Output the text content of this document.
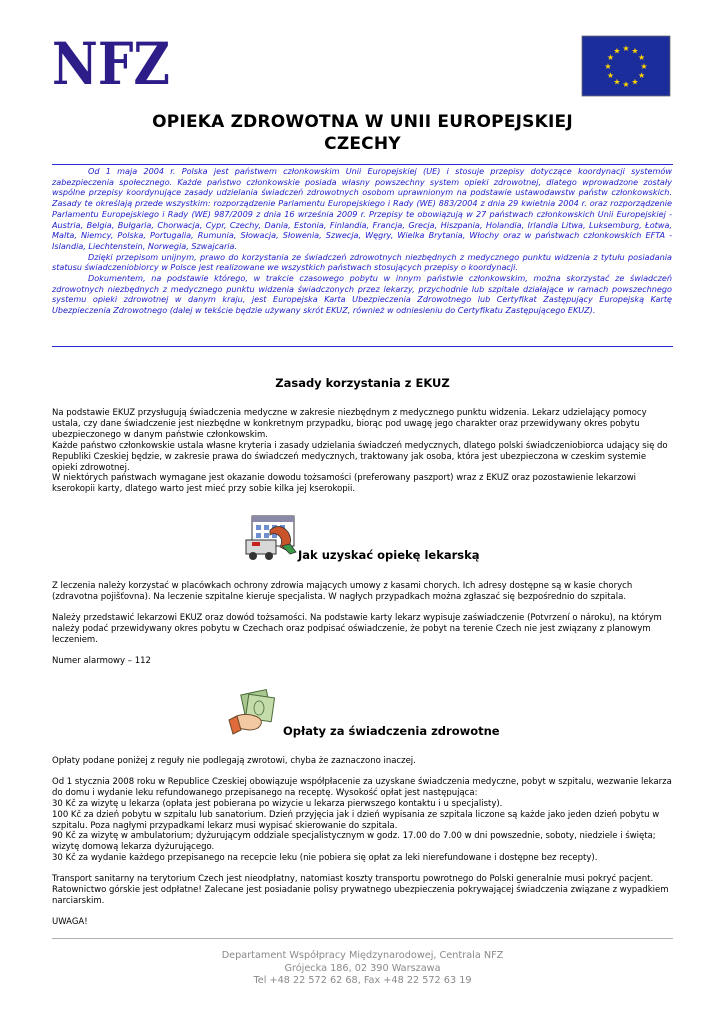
NFZ	★ ★
★
★
★
★
★
★
★
★
★
★
OPIEKA ZDROWOTNA W UNII EUROPEJSKIEJ
CZECHY

Od 1 maja 2004 r. Polska jest państwem członkowskim Unii Europejskiej (UE) i stosuje przepisy dotyczące koordynacji systemów zabezpieczenia społecznego. Każde państwo członkowskie posiada własny powszechny system opieki zdrowotnej, dlatego wprowadzone zostały wspólne przepisy koordynujące zasady udzielania świadczeń zdrowotnych osobom uprawnionym na podstawie ustawodawstw państw członkowskich. Zasady te określają przede wszystkim: rozporządzenie Parlamentu Europejskiego i Rady (WE) 883/2004 z dnia 29 kwietnia 2004 r. oraz rozporządzenie Parlamentu Europejskiego i Rady (WE) 987/2009 z dnia 16 września 2009 r. Przepisy te obowiązują w 27 państwach członkowskich Unii Europejskiej - Austria, Belgia, Bułgaria, Chorwacja, Cypr, Czechy, Dania, Estonia, Finlandia, Francja, Grecja, Hiszpania, Holandia, Irlandia Litwa, Luksemburg, Łotwa, Malta, Niemcy, Polska, Portugalia, Rumunia, Słowacja, Słowenia, Szwecja, Węgry, Wielka Brytania, Włochy oraz w państwach członkowskich EFTA - Islandia, Liechtenstein, Norwegia, Szwajcaria.

Dzięki przepisom unijnym, prawo do korzystania ze świadczeń zdrowotnych niezbędnych z medycznego punktu widzenia z tytułu posiadania statusu świadczeniobiorcy w Polsce jest realizowane we wszystkich państwach stosujących przepisy o koordynacji.

Dokumentem, na podstawie którego, w trakcie czasowego pobytu w innym państwie członkowskim, można skorzystać ze świadczeń zdrowotnych niezbędnych z medycznego punktu widzenia świadczonych przez lekarzy, przychodnie lub szpitale działające w ramach powszechnego systemu opieki zdrowotnej w danym kraju, jest Europejska Karta Ubezpieczenia Zdrowotnego lub Certyfikat Zastępujący Europejską Kartę Ubezpieczenia Zdrowotnego (dalej w tekście będzie używany skrót EKUZ, również w odniesieniu do Certyfikatu Zastępującego EKUZ).

Zasady korzystania z EKUZ

Na podstawie EKUZ przysługują świadczenia medyczne w zakresie niezbędnym z medycznego punktu widzenia. Lekarz udzielający pomocy ustala, czy dane świadczenie jest niezbędne w konkretnym przypadku, biorąc pod uwagę jego charakter oraz przewidywany okres pobytu ubezpieczonego w danym państwie członkowskim.

Każde państwo członkowskie ustala własne kryteria i zasady udzielania świadczeń medycznych, dlatego polski świadczeniobiorca udający się do Republiki Czeskiej będzie, w zakresie prawa do świadczeń medycznych, traktowany jak osoba, która jest ubezpieczona w czeskim systemie opieki zdrowotnej.

W niektórych państwach wymagane jest okazanie dowodu tożsamości (preferowany paszport) wraz z EKUZ oraz pozostawienie lekarzowi kserokopii karty, dlatego warto jest mieć przy sobie kilka jej kserokopii.

Jak uzyskać opiekę lekarską

Z leczenia należy korzystać w placówkach ochrony zdrowia mających umowy z kasami chorych. Ich adresy dostępne są w kasie chorych (zdravotna pojišťovna). Na leczenie szpitalne kieruje specjalista. W nagłych przypadkach można zgłaszać się bezpośrednio do szpitala.

Należy przedstawić lekarzowi EKUZ oraz dowód tożsamości. Na podstawie karty lekarz wypisuje zaświadczenie (Potvrzení o nároku), na którym należy podać przewidywany okres pobytu w Czechach oraz podpisać oświadczenie, że pobyt na terenie Czech nie jest związany z planowym leczeniem.

Numer alarmowy – 112

Opłaty za świadczenia zdrowotne

Opłaty podane poniżej z reguły nie podlegają zwrotowi, chyba że zaznaczono inaczej.

Od 1 stycznia 2008 roku w Republice Czeskiej obowiązuje współpłacenie za uzyskane świadczenia medyczne, pobyt w szpitalu, wezwanie lekarza do domu i wydanie leku refundowanego przepisanego na receptę. Wysokość opłat jest następująca:

30 Kč za wizytę u lekarza (opłata jest pobierana po wizycie u lekarza pierwszego kontaktu i u specjalisty).

100 Kč za dzień pobytu w szpitalu lub sanatorium. Dzień przyjęcia jak i dzień wypisania ze szpitala liczone są każde jako jeden dzień pobytu w szpitalu. Poza nagłymi przypadkami lekarz musi wypisać skierowanie do szpitala.

90 Kč za wizytę w ambulatorium; dyżurującym oddziale specjalistycznym w godz. 17.00 do 7.00 w dni powszednie, soboty, niedziele i święta; wizytę domową lekarza dyżurującego.

30 Kč za wydanie każdego przepisanego na recepcie leku (nie pobiera się opłat za leki nierefundowane i dostępne bez recepty).

Transport sanitarny na terytorium Czech jest nieodpłatny, natomiast koszty transportu powrotnego do Polski generalnie musi pokryć pacjent. Ratownictwo górskie jest odpłatne! Zalecane jest posiadanie polisy prywatnego ubezpieczenia pokrywającej świadczenia związane z wypadkiem narciarskim.

UWAGA!

Departament Współpracy Międzynarodowej, Centrala NFZ
Grójecka 186, 02 390 Warszawa
Tel +48 22 572 62 68, Fax +48 22 572 63 19
